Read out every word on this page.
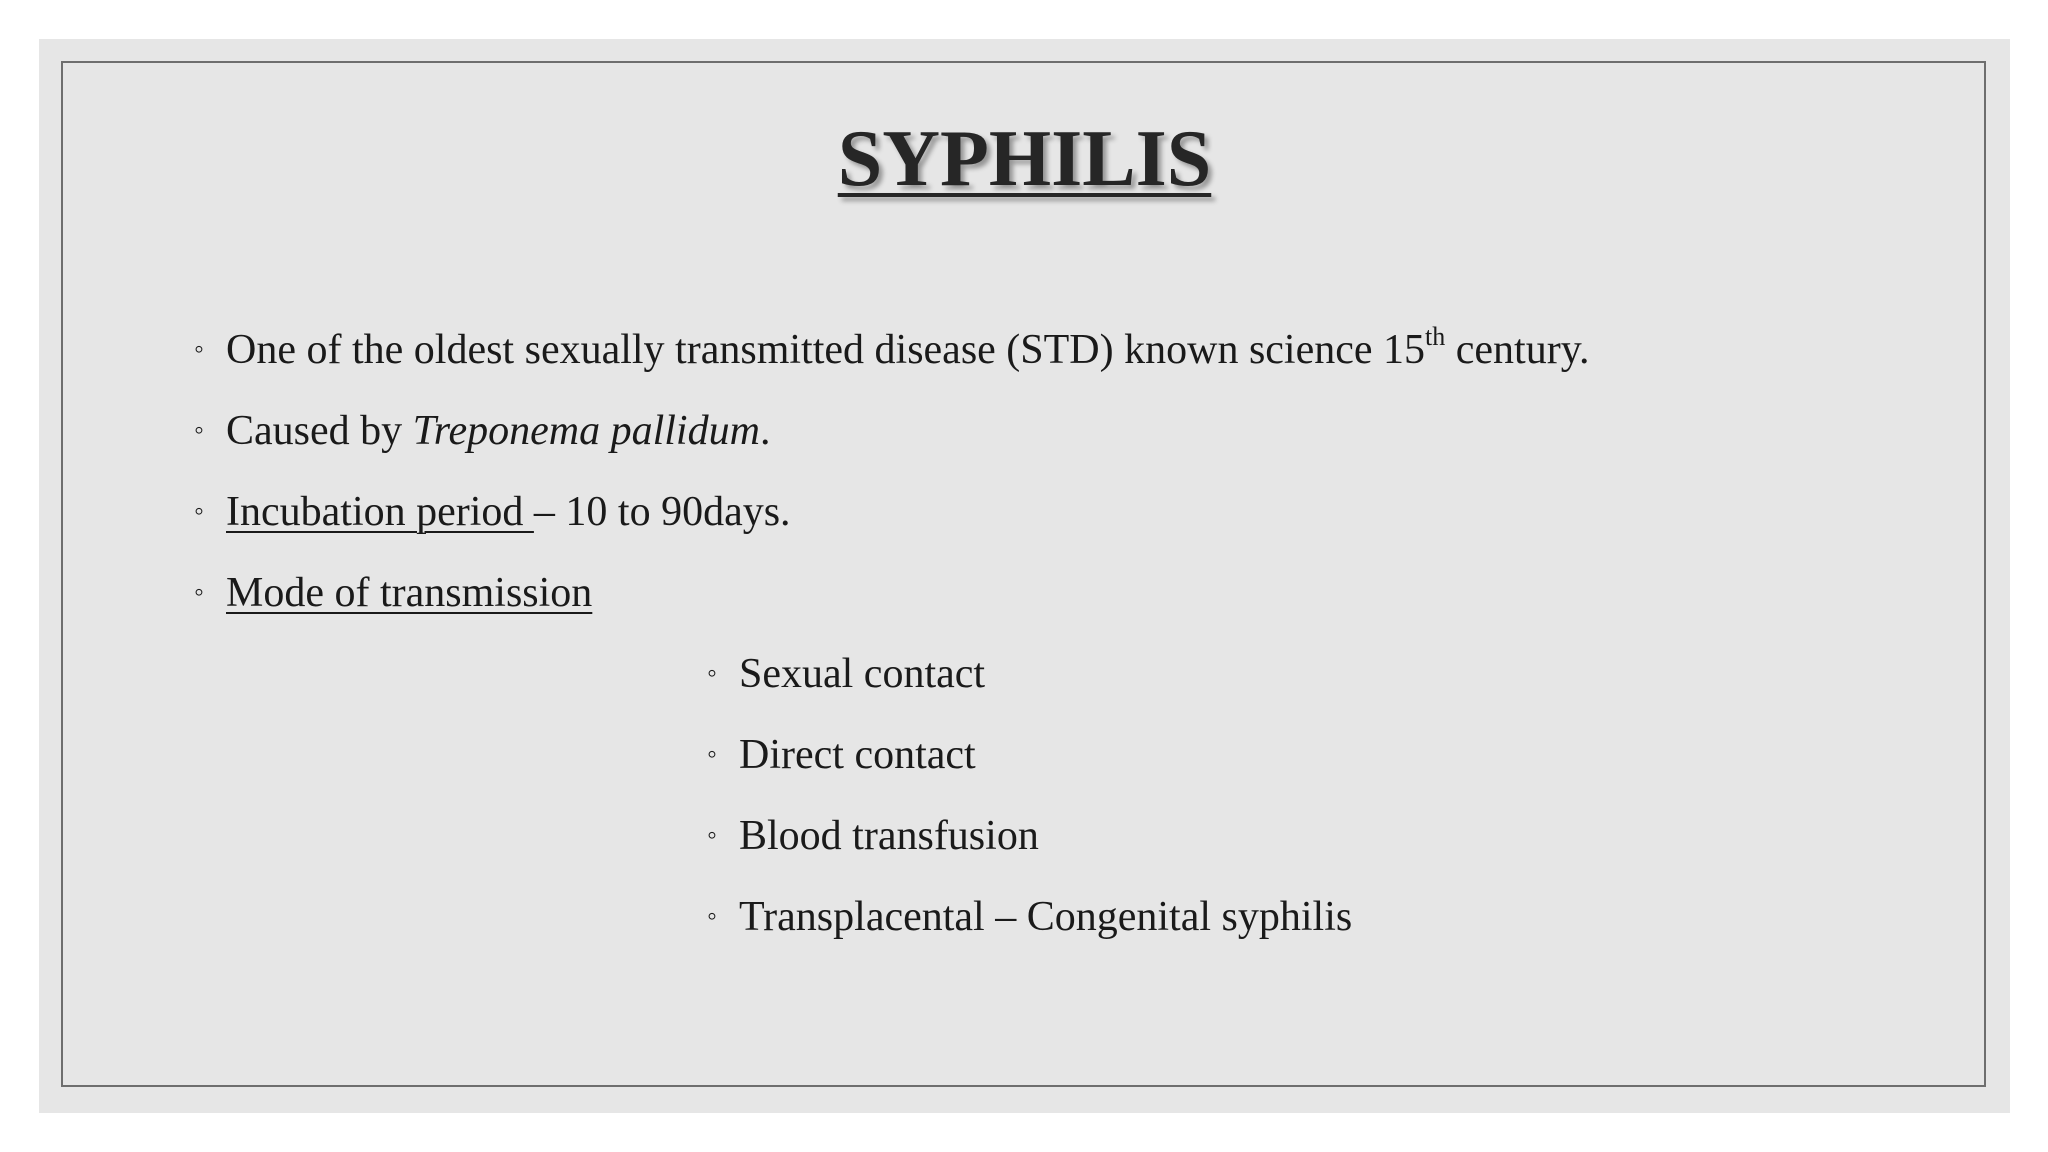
SYPHILIS
◦ One of the oldest sexually transmitted disease (STD) known science 15th century.
◦ Caused by Treponema pallidum.
◦ Incubation period – 10 to 90days.
◦ Mode of transmission
◦ Sexual contact
◦ Direct contact
◦ Blood transfusion
◦ Transplacental – Congenital syphilis
